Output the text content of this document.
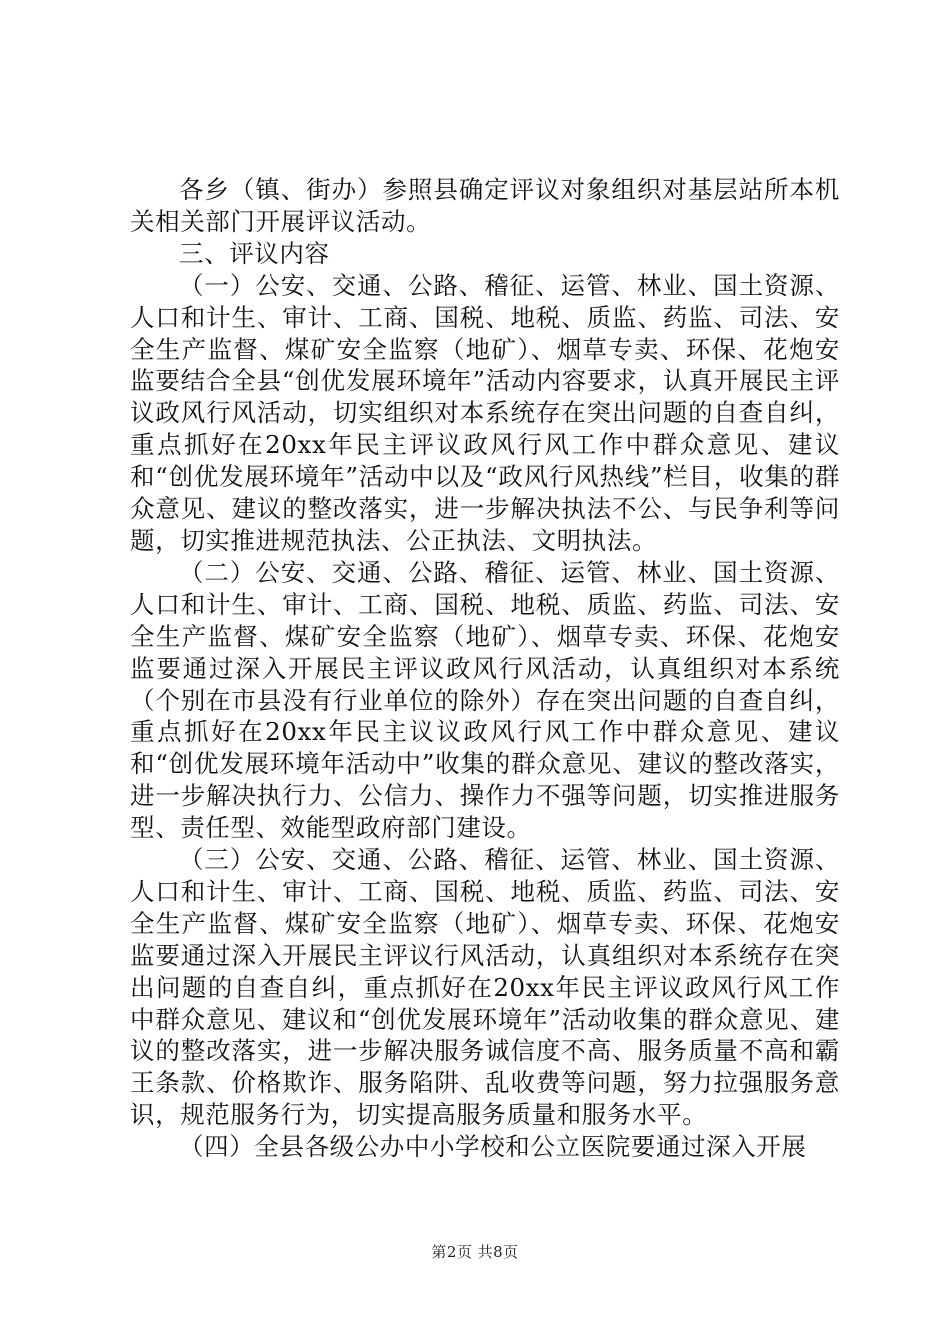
各乡（镇、街办）参照县确定评议对象组织对基层站所本机关相关部门开展评议活动。

三、评议内容

（一）公安、交通、公路、稽征、运管、林业、国土资源、人口和计生、审计、工商、国税、地税、质监、药监、司法、安全生产监督、煤矿安全监察（地矿）、烟草专卖、环保、花炮安监要结合全县“创优发展环境年”活动内容要求，认真开展民主评议政风行风活动，切实组织对本系统存在突出问题的自查自纠，重点抓好在20xx年民主评议政风行风工作中群众意见、建议和“创优发展环境年”活动中以及“政风行风热线”栏目，收集的群众意见、建议的整改落实，进一步解决执法不公、与民争利等问题，切实推进规范执法、公正执法、文明执法。

（二）公安、交通、公路、稽征、运管、林业、国土资源、人口和计生、审计、工商、国税、地税、质监、药监、司法、安全生产监督、煤矿安全监察（地矿）、烟草专卖、环保、花炮安监要通过深入开展民主评议政风行风活动，认真组织对本系统（个别在市县没有行业单位的除外）存在突出问题的自查自纠，重点抓好在20xx年民主议议政风行风工作中群众意见、建议和“创优发展环境年活动中”收集的群众意见、建议的整改落实，进一步解决执行力、公信力、操作力不强等问题，切实推进服务型、责任型、效能型政府部门建设。

（三）公安、交通、公路、稽征、运管、林业、国土资源、人口和计生、审计、工商、国税、地税、质监、药监、司法、安全生产监督、煤矿安全监察（地矿）、烟草专卖、环保、花炮安监要通过深入开展民主评议行风活动，认真组织对本系统存在突出问题的自查自纠，重点抓好在20xx年民主评议政风行风工作中群众意见、建议和“创优发展环境年”活动收集的群众意见、建议的整改落实，进一步解决服务诚信度不高、服务质量不高和霸王条款、价格欺诈、服务陷阱、乱收费等问题，努力拉强服务意识，规范服务行为，切实提高服务质量和服务水平。

（四）全县各级公办中小学校和公立医院要通过深入开展

第2页 共8页
